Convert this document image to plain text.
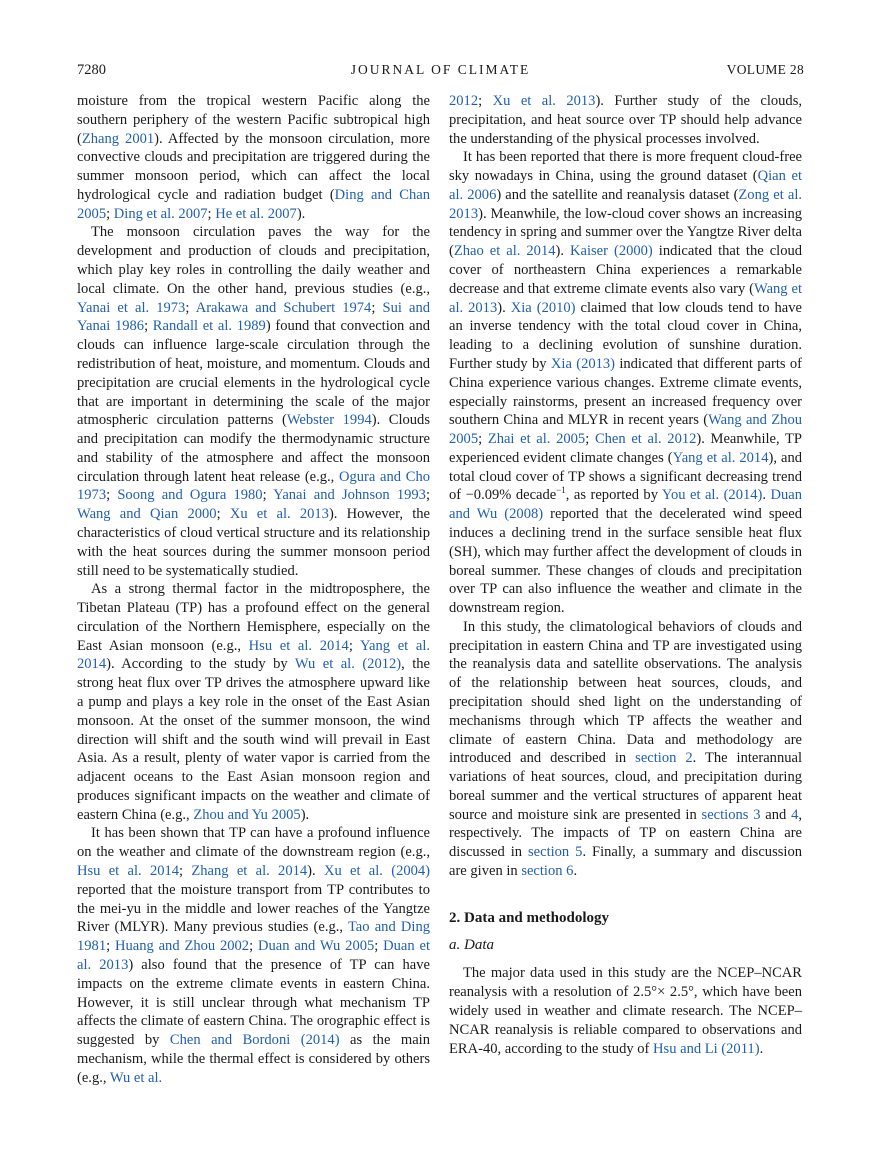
7280	JOURNAL OF CLIMATE	VOLUME 28

moisture from the tropical western Pacific along the southern periphery of the western Pacific subtropical high (Zhang 2001). Affected by the monsoon circulation, more convective clouds and precipitation are triggered during the summer monsoon period, which can affect the local hydrological cycle and radiation budget (Ding and Chan 2005; Ding et al. 2007; He et al. 2007).

The monsoon circulation paves the way for the development and production of clouds and precipitation, which play key roles in controlling the daily weather and local climate. On the other hand, previous studies (e.g., Yanai et al. 1973; Arakawa and Schubert 1974; Sui and Yanai 1986; Randall et al. 1989) found that convection and clouds can influence large-scale circulation through the redistribution of heat, moisture, and momentum. Clouds and precipitation are crucial elements in the hydrological cycle that are important in determining the scale of the major atmospheric circulation patterns (Webster 1994). Clouds and precipitation can modify the thermodynamic structure and stability of the atmosphere and affect the monsoon circulation through latent heat release (e.g., Ogura and Cho 1973; Soong and Ogura 1980; Yanai and Johnson 1993; Wang and Qian 2000; Xu et al. 2013). However, the characteristics of cloud vertical structure and its relationship with the heat sources during the summer monsoon period still need to be systematically studied.

As a strong thermal factor in the midtroposphere, the Tibetan Plateau (TP) has a profound effect on the general circulation of the Northern Hemisphere, especially on the East Asian monsoon (e.g., Hsu et al. 2014; Yang et al. 2014). According to the study by Wu et al. (2012), the strong heat flux over TP drives the atmosphere upward like a pump and plays a key role in the onset of the East Asian monsoon. At the onset of the summer monsoon, the wind direction will shift and the south wind will prevail in East Asia. As a result, plenty of water vapor is carried from the adjacent oceans to the East Asian monsoon region and produces significant impacts on the weather and climate of eastern China (e.g., Zhou and Yu 2005).

It has been shown that TP can have a profound influence on the weather and climate of the downstream region (e.g., Hsu et al. 2014; Zhang et al. 2014). Xu et al. (2004) reported that the moisture transport from TP contributes to the mei-yu in the middle and lower reaches of the Yangtze River (MLYR). Many previous studies (e.g., Tao and Ding 1981; Huang and Zhou 2002; Duan and Wu 2005; Duan et al. 2013) also found that the presence of TP can have impacts on the extreme climate events in eastern China. However, it is still unclear through what mechanism TP affects the climate of eastern China. The orographic effect is suggested by Chen and Bordoni (2014) as the main mechanism, while the thermal effect is considered by others (e.g., Wu et al.

2012; Xu et al. 2013). Further study of the clouds, precipitation, and heat source over TP should help advance the understanding of the physical processes involved.

It has been reported that there is more frequent cloud-free sky nowadays in China, using the ground dataset (Qian et al. 2006) and the satellite and reanalysis dataset (Zong et al. 2013). Meanwhile, the low-cloud cover shows an increasing tendency in spring and summer over the Yangtze River delta (Zhao et al. 2014). Kaiser (2000) indicated that the cloud cover of northeastern China experiences a remarkable decrease and that extreme climate events also vary (Wang et al. 2013). Xia (2010) claimed that low clouds tend to have an inverse tendency with the total cloud cover in China, leading to a declining evolution of sunshine duration. Further study by Xia (2013) indicated that different parts of China experience various changes. Extreme climate events, especially rainstorms, present an increased frequency over southern China and MLYR in recent years (Wang and Zhou 2005; Zhai et al. 2005; Chen et al. 2012). Meanwhile, TP experienced evident climate changes (Yang et al. 2014), and total cloud cover of TP shows a significant decreasing trend of −0.09% decade$^{-1}$, as reported by You et al. (2014). Duan and Wu (2008) reported that the decelerated wind speed induces a declining trend in the surface sensible heat flux (SH), which may further affect the development of clouds in boreal summer. These changes of clouds and precipitation over TP can also influence the weather and climate in the downstream region.

In this study, the climatological behaviors of clouds and precipitation in eastern China and TP are investigated using the reanalysis data and satellite observations. The analysis of the relationship between heat sources, clouds, and precipitation should shed light on the understanding of mechanisms through which TP affects the weather and climate of eastern China. Data and methodology are introduced and described in section 2. The interannual variations of heat sources, cloud, and precipitation during boreal summer and the vertical structures of apparent heat source and moisture sink are presented in sections 3 and 4, respectively. The impacts of TP on eastern China are discussed in section 5. Finally, a summary and discussion are given in section 6.

2. Data and methodology
a. Data

The major data used in this study are the NCEP–NCAR reanalysis with a resolution of 2.5°× 2.5°, which have been widely used in weather and climate research. The NCEP–NCAR reanalysis is reliable compared to observations and ERA-40, according to the study of Hsu and Li (2011).
